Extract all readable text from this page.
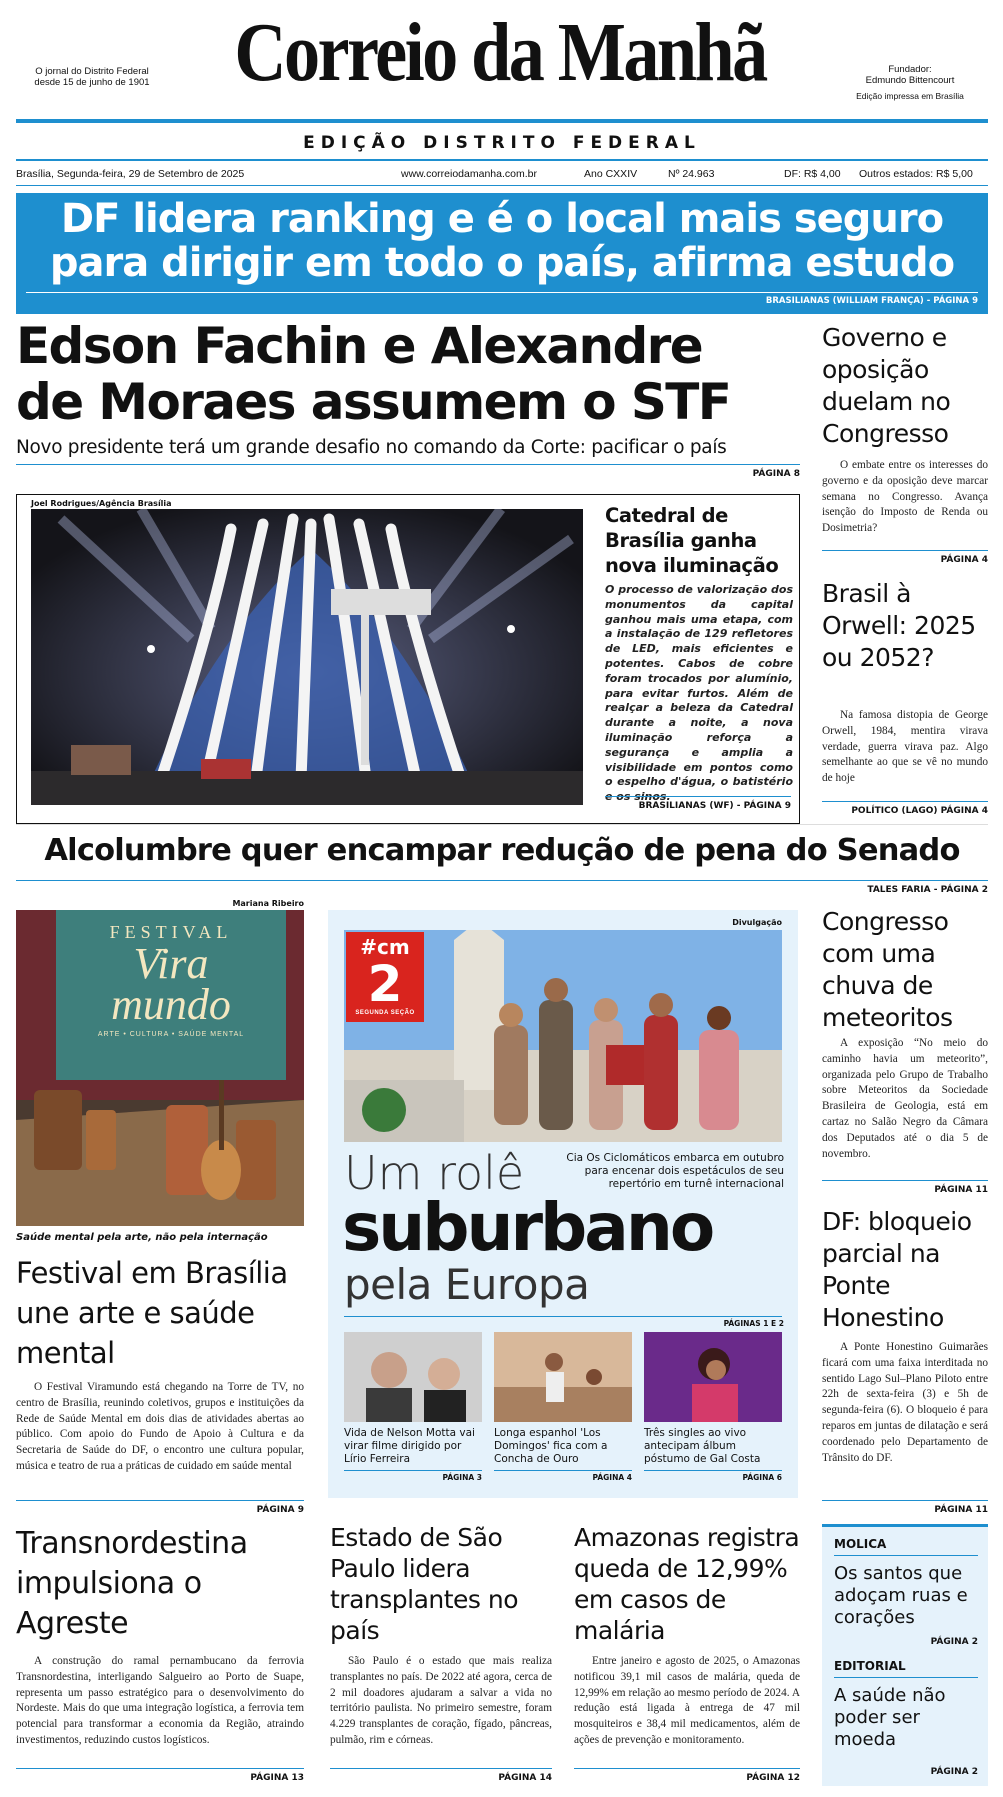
O jornal do Distrito Federal
desde 15 de junho de 1901	Correio da Manhã	Fundador:
Edmundo Bittencourt
Edição impressa em Brasília
EDIÇÃO DISTRITO FEDERAL
Brasília, Segunda-feira, 29 de Setembro de 2025	www.correiodamanha.com.br	Ano CXXIV	Nº 24.963	DF: R$ 4,00 Outros estados: R$ 5,00
DF lidera ranking e é o local mais seguro
para dirigir em todo o país, afirma estudo
BRASILIANAS (WILLIAM FRANÇA) - PÁGINA 9
Edson Fachin e Alexandre
de Moraes assumem o STF
Novo presidente terá um grande desafio no comando da Corte: pacificar o país
PÁGINA 8
Joel Rodrigues/Agência Brasília
Catedral de Brasília ganha nova iluminação
O processo de valorização dos monumentos da capital ganhou mais uma etapa, com a instalação de 129 refletores de LED, mais eficientes e potentes. Cabos de cobre foram trocados por alumínio, para evitar furtos. Além de realçar a beleza da Catedral durante a noite, a nova iluminação reforça a segurança e amplia a visibilidade em pontos como o espelho d'água, o batistério
BRASILIANAS (WF) - PÁGINA 9
Governo e oposição duelam no Congresso
O embate entre os interesses do governo e da oposição deve marcar semana no Congresso. Avança isenção do Imposto de Renda ou Dosimetria?
PÁGINA 4
Brasil à Orwell: 2025 ou 2052?
Na famosa distopia de George Orwell, 1984, mentira virava verdade, guerra virava paz. Algo semelhante ao que se vê no mundo de hoje
POLÍTICO (LAGO) PÁGINA 4
Alcolumbre quer encampar redução de pena do Senado
TALES FARIA - PÁGINA 2
Mariana Ribeiro
FESTIVAL
Vira
mundo
ARTE • CULTURA • SAÚDE MENTAL
Saúde mental pela arte, não pela internação
Festival em Brasília une arte e saúde mental
O Festival Viramundo está chegando na Torre de TV, no centro de Brasília, reunindo coletivos, grupos e instituições da Rede de Saúde Mental em dois dias de atividades abertas ao público. Com apoio do Fundo de Apoio à Cultura e da Secretaria de Saúde do DF, o encontro une cultura popular, música e teatro de rua a práticas de cuidado em saúde mental
PÁGINA 9
Divulgação
#cm
2
SEGUNDA SEÇÃO
Cia Os Ciclomáticos embarca em outubro para encenar dois espetáculos de seu repertório em turnê internacional
Um rolê
suburbano
pela Europa
PÁGINAS 1 E 2
Vida de Nelson Motta vai virar filme dirigido por Lírio Ferreira
PÁGINA 3
Longa espanhol 'Los Domingos' fica com a Concha de Ouro
PÁGINA 4
Três singles ao vivo antecipam álbum póstumo de Gal Costa
PÁGINA 6
Congresso com uma chuva de meteoritos
A exposição “No meio do caminho havia um meteorito”, organizada pelo Grupo de Trabalho sobre Meteoritos da Sociedade Brasileira de Geologia, está em cartaz no Salão Negro da Câmara dos Deputados até o dia 5 de novembro.
PÁGINA 11
DF: bloqueio parcial na Ponte Honestino
A Ponte Honestino Guimarães ficará com uma faixa interditada no sentido Lago Sul–Plano Piloto entre 22h de sexta-feira (3) e 5h de segunda-feira (6). O bloqueio é para reparos em juntas de dilatação e será coordenado pelo Departamento de Trânsito do DF.
PÁGINA 11
Transnordestina impulsiona o Agreste
A construção do ramal pernambucano da ferrovia Transnordestina, interligando Salgueiro ao Porto de Suape, representa um passo estratégico para o desenvolvimento do Nordeste. Mais do que uma integração logística, a ferrovia tem potencial para transformar a economia da Região, atraindo investimentos, reduzindo custos logísticos.
PÁGINA 13
Estado de São Paulo lidera transplantes no país
São Paulo é o estado que mais realiza transplantes no país. De 2022 até agora, cerca de 2 mil doadores ajudaram a salvar a vida no território paulista. No primeiro semestre, foram 4.229 transplantes de coração, fígado, pâncreas, pulmão, rim e córneas.
PÁGINA 14
Amazonas registra queda de 12,99% em casos de malária
Entre janeiro e agosto de 2025, o Amazonas notificou 39,1 mil casos de malária, queda de 12,99% em relação ao mesmo período de 2024. A redução está ligada à entrega de 47 mil mosquiteiros e 38,4 mil medicamentos, além de ações de prevenção e monitoramento.
PÁGINA 12
MOLICA
Os santos que adoçam ruas e corações
PÁGINA 2
EDITORIAL
A saúde não poder ser moeda
PÁGINA 2
